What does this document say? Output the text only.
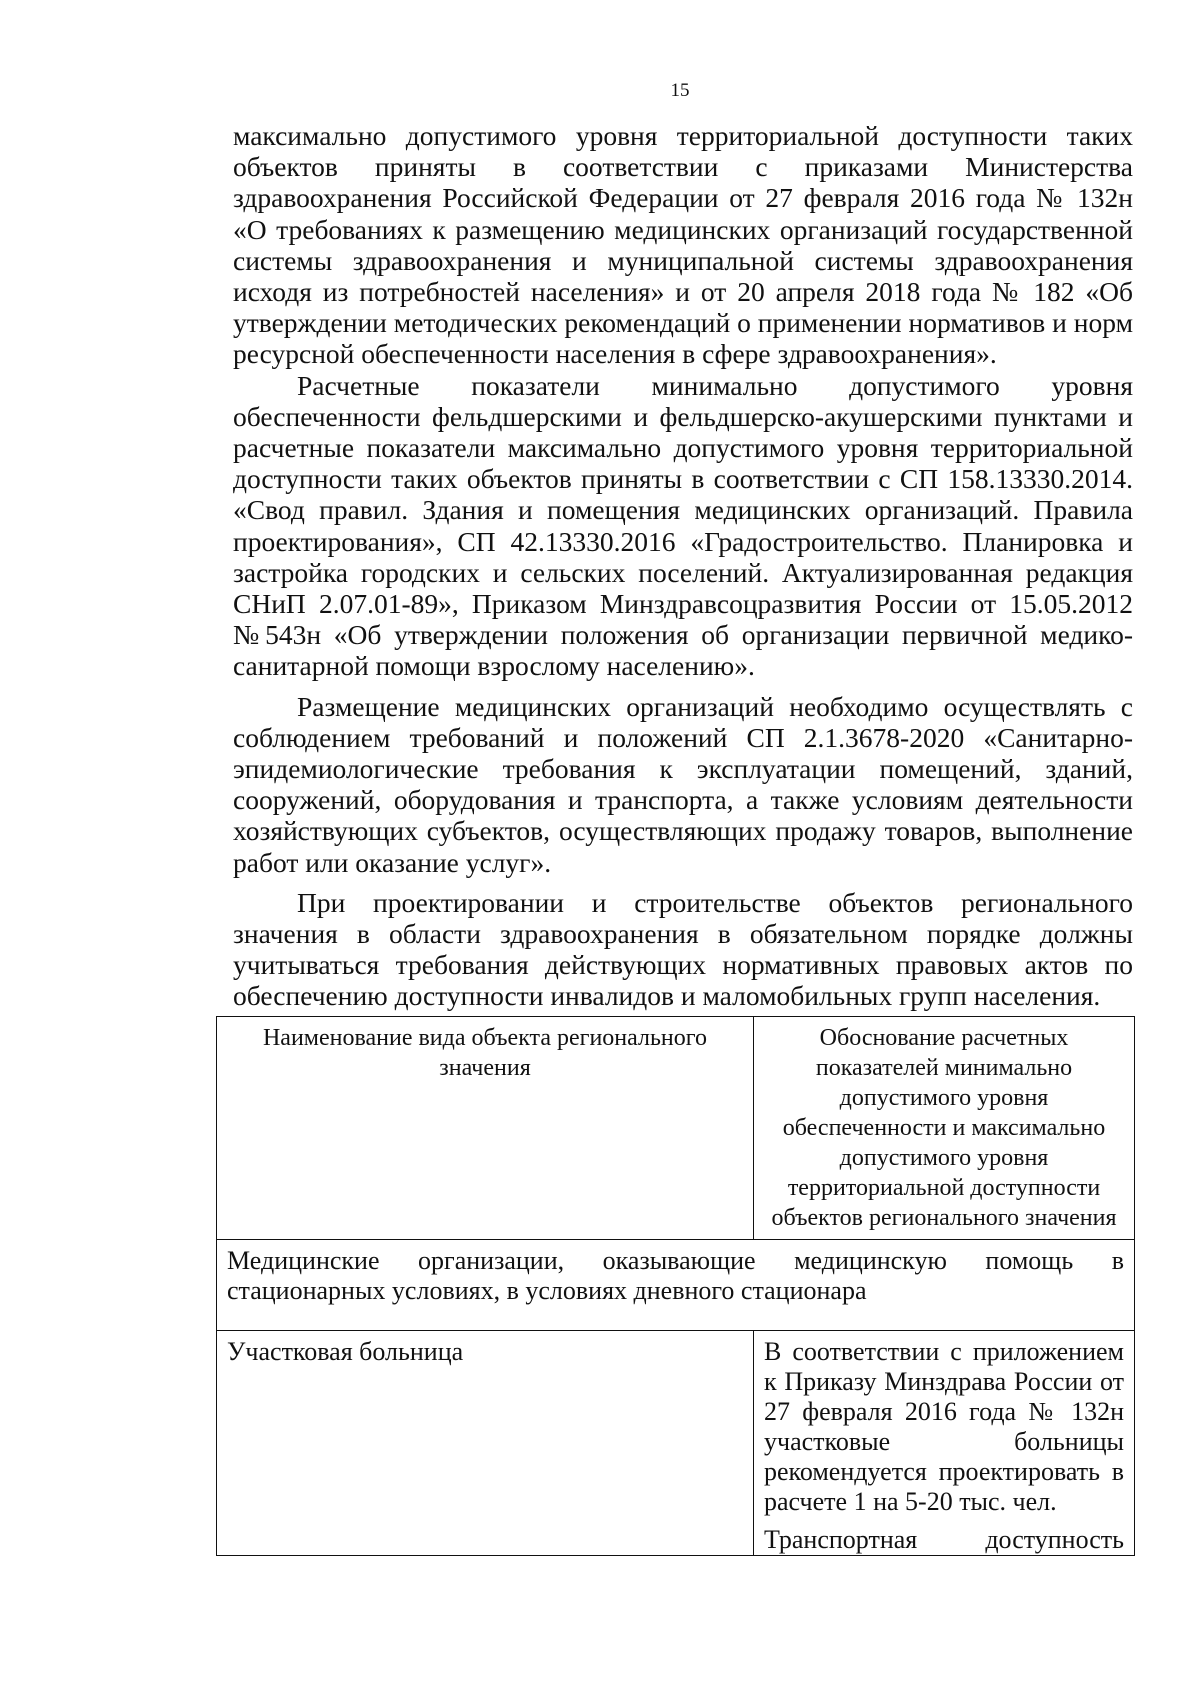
15

максимально допустимого уровня территориальной доступности таких объектов приняты в соответствии с приказами Министерства здравоохранения Российской Федерации от 27 февраля 2016 года № 132н «О требованиях к размещению медицинских организаций государственной системы здравоохранения и муниципальной системы здравоохранения исходя из потребностей населения» и от 20 апреля 2018 года № 182 «Об утверждении методических рекомендаций о применении нормативов и норм ресурсной обеспеченности населения в сфере здравоохранения».

Расчетные показатели минимально допустимого уровня обеспеченности фельдшерскими и фельдшерско-акушерскими пунктами и расчетные показатели максимально допустимого уровня территориальной доступности таких объектов приняты в соответствии с СП 158.13330.2014. «Свод правил. Здания и помещения медицинских организаций. Правила проектирования», СП 42.13330.2016 «Градостроительство. Планировка и застройка городских и сельских поселений. Актуализированная редакция СНиП 2.07.01-89», Приказом Минздравсоцразвития России от 15.05.2012 №543н «Об утверждении положения об организации первичной медико-санитарной помощи взрослому населению».

Размещение медицинских организаций необходимо осуществлять с соблюдением требований и положений СП 2.1.3678-2020 «Санитарно-эпидемиологические требования к эксплуатации помещений, зданий, сооружений, оборудования и транспорта, а также условиям деятельности хозяйствующих субъектов, осуществляющих продажу товаров, выполнение работ или оказание услуг».

При проектировании и строительстве объектов регионального значения в области здравоохранения в обязательном порядке должны учитываться требования действующих нормативных правовых актов по обеспечению доступности инвалидов и маломобильных групп населения.

Наименование вида объекта регионального значения	Обоснование расчетных показателей минимально допустимого уровня обеспеченности и максимально допустимого уровня территориальной доступности объектов регионального значения
Медицинские организации, оказывающие медицинскую помощь в стационарных условиях, в условиях дневного стационара	
Участковая больница	В соответствии с приложением к Приказу Минздрава России от 27 февраля 2016 года № 132н участковые больницы рекомендуется проектировать в расчете 1 на 5-20 тыс. чел.
Транспортная доступность
